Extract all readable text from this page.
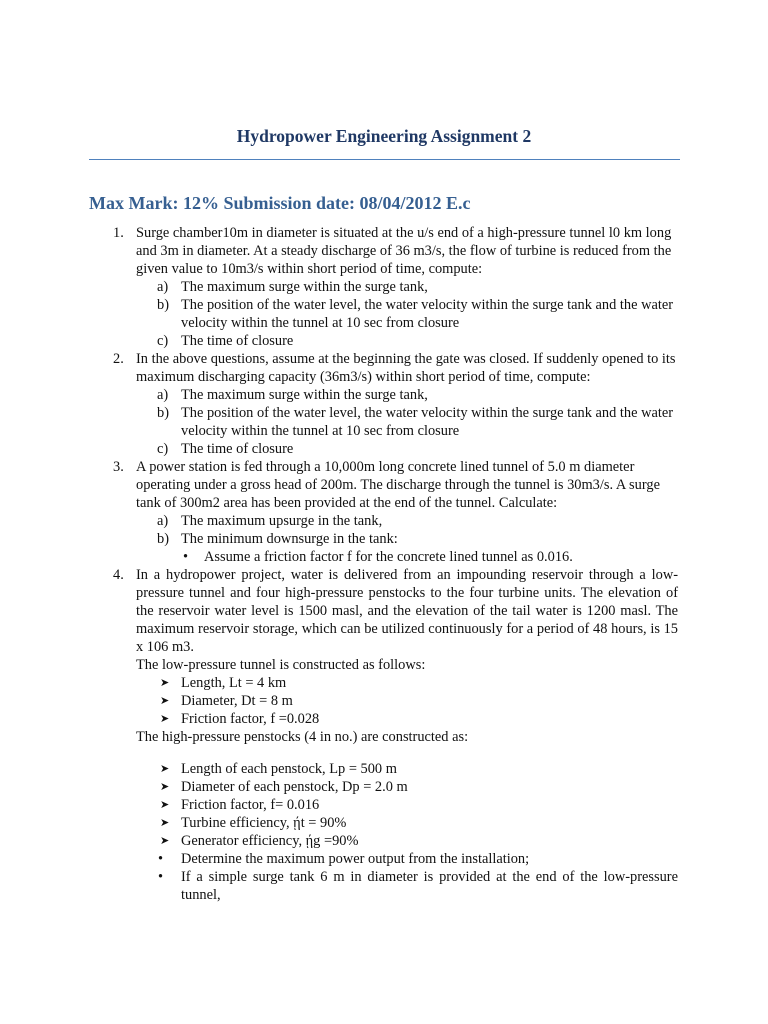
Hydropower Engineering Assignment 2
Max Mark: 12% Submission date: 08/04/2012 E.c
1. Surge chamber10m in diameter is situated at the u/s end of a high-pressure tunnel l0 km long and 3m in diameter. At a steady discharge of 36 m3/s, the flow of turbine is reduced from the given value to 10m3/s within short period of time, compute:
a) The maximum surge within the surge tank,
b) The position of the water level, the water velocity within the surge tank and the water velocity within the tunnel at 10 sec from closure
c) The time of closure
2. In the above questions, assume at the beginning the gate was closed. If suddenly opened to its maximum discharging capacity (36m3/s) within short period of time, compute:
a) The maximum surge within the surge tank,
b) The position of the water level, the water velocity within the surge tank and the water velocity within the tunnel at 10 sec from closure
c) The time of closure
3. A power station is fed through a 10,000m long concrete lined tunnel of 5.0 m diameter operating under a gross head of 200m. The discharge through the tunnel is 30m3/s. A surge tank of 300m2 area has been provided at the end of the tunnel. Calculate:
a) The maximum upsurge in the tank,
b) The minimum downsurge in the tank:
• Assume a friction factor f for the concrete lined tunnel as 0.016.
4. In a hydropower project, water is delivered from an impounding reservoir through a low-pressure tunnel and four high-pressure penstocks to the four turbine units. The elevation of the reservoir water level is 1500 masl, and the elevation of the tail water is 1200 masl. The maximum reservoir storage, which can be utilized continuously for a period of 48 hours, is 15 x 106 m3.
The low-pressure tunnel is constructed as follows:
➤ Length, Lt = 4 km
➤ Diameter, Dt = 8 m
➤ Friction factor, f =0.028
The high-pressure penstocks (4 in no.) are constructed as:
➤ Length of each penstock, Lp = 500 m
➤ Diameter of each penstock, Dp = 2.0 m
➤ Friction factor, f= 0.016
➤ Turbine efficiency, ῄt = 90%
➤ Generator efficiency, ῄg =90%
• Determine the maximum power output from the installation;
• If a simple surge tank 6 m in diameter is provided at the end of the low-pressure tunnel,
